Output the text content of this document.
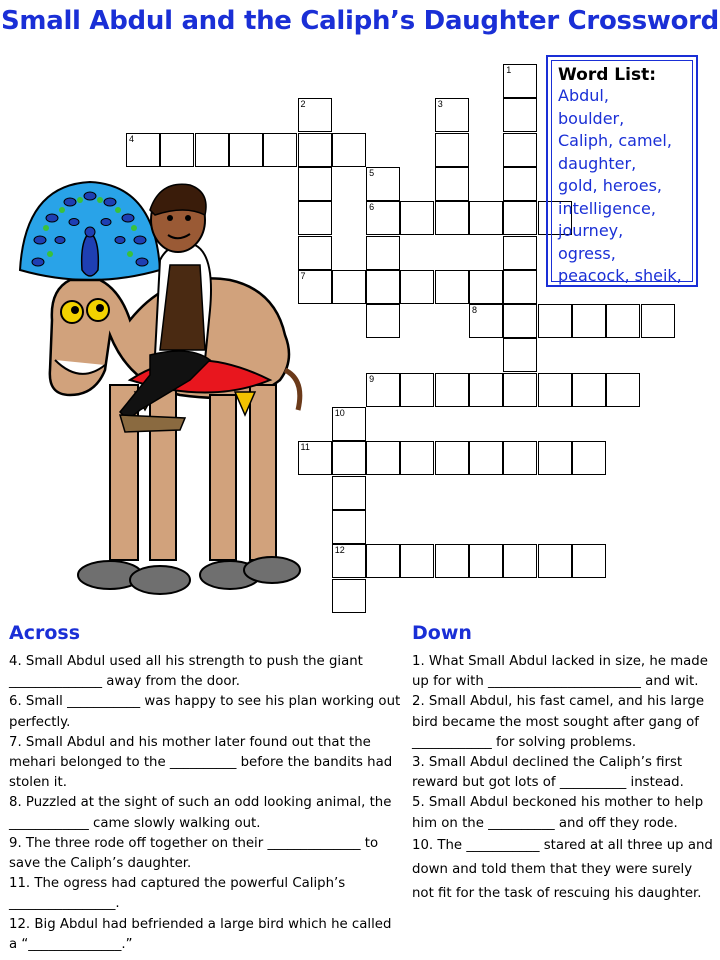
Small Abdul and the Caliph’s Daughter Crossword
1
2
7
3
4
5
6
8
9
10
12
11
Word List:
Abdul,
boulder,
Caliph, camel,
daughter,
gold, heroes,
intelligence,
journey,
ogress,
peacock, sheik,
Across	Down

4. Small Abdul used all his strength to push the giant ______________ away from the door.

6. Small ___________ was happy to see his plan working out perfectly.

7. Small Abdul and his mother later found out that the mehari belonged to the __________ before the bandits had stolen it.

8. Puzzled at the sight of such an odd looking animal, the ____________ came slowly walking out.

9. The three rode off together on their ______________ to save the Caliph’s daughter.

11. The ogress had captured the powerful Caliph’s ________________.

12. Big Abdul had befriended a large bird which he called a “______________.”

1. What Small Abdul lacked in size, he made up for with _______________________ and wit.

2. Small Abdul, his fast camel, and his large bird became the most sought after gang of ____________ for solving problems.

3. Small Abdul declined the Caliph’s first reward but got lots of __________ instead.

5. Small Abdul beckoned his mother to help him on the __________ and off they rode.

10. The ___________ stared at all three up and down and told them that they were surely not fit for the task of rescuing his daughter.
